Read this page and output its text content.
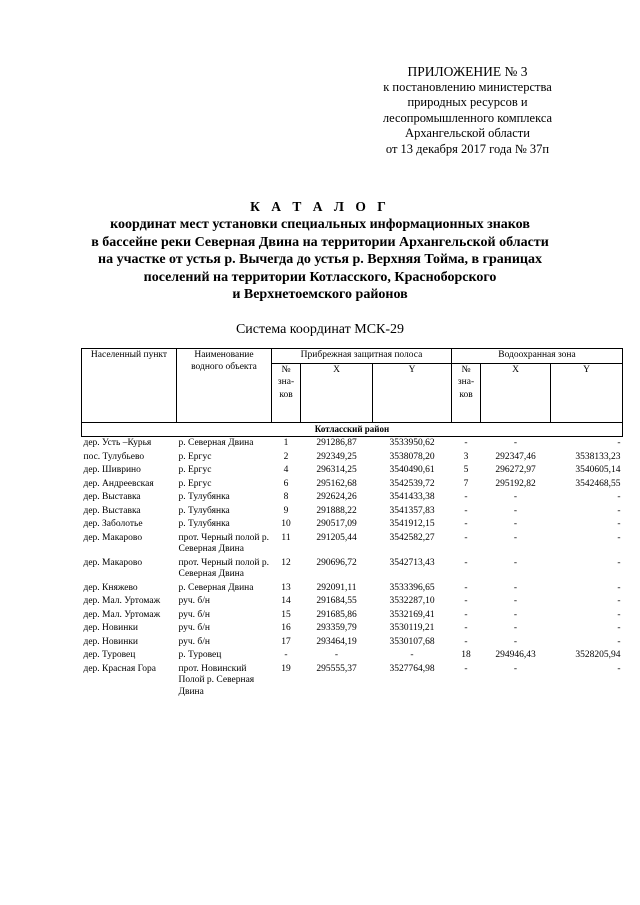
ПРИЛОЖЕНИЕ № 3
к постановлению министерства
природных ресурсов и
лесопромышленного комплекса
Архангельской области
от 13 декабря 2017 года № 37п
К А Т А Л О Г
координат мест установки специальных информационных знаков
в бассейне реки Северная Двина на территории Архангельской области
на участке от устья р. Вычегда до устья р. Верхняя Тойма, в границах
поселений на территории Котласского, Красноборского
и Верхнетоемского районов
Система координат МСК-29
Населенный пункт	Наименование водного объекта	Прибрежная защитная полоса			Водоохранная зона		

		№
зна-
ков	X	Y	№
зна-
ков	X	Y
Котласский район							
дер. Усть –Курья	р. Северная Двина	1	291286,87	3533950,62	-	-	-
пос. Тулубьево	р. Ергус	2	292349,25	3538078,20	3	292347,46	3538133,23
дер. Шиврино	р. Ергус	4	296314,25	3540490,61	5	296272,97	3540605,14
дер. Андреевская	р. Ергус	6	295162,68	3542539,72	7	295192,82	3542468,55
дер. Выставка	р. Тулубянка	8	292624,26	3541433,38	-	-	-
дер. Выставка	р. Тулубянка	9	291888,22	3541357,83	-	-	-
дер. Заболотье	р. Тулубянка	10	290517,09	3541912,15	-	-	-
дер. Макарово	прот. Черный полой р. Северная Двина	11	291205,44	3542582,27	-	-	-
дер. Макарово	прот. Черный полой р. Северная Двина	12	290696,72	3542713,43	-	-	-
дер. Княжево	р. Северная Двина	13	292091,11	3533396,65	-	-	-
дер. Мал. Уртомаж	руч. б/н	14	291684,55	3532287,10	-	-	-
дер. Мал. Уртомаж	руч. б/н	15	291685,86	3532169,41	-	-	-
дер. Новинки	руч. б/н	16	293359,79	3530119,21	-	-	-
дер. Новинки	руч. б/н	17	293464,19	3530107,68	-	-	-
дер. Туровец	р. Туровец	-	-	-	18	294946,43	3528205,94
дер. Красная Гора	прот. Новинский Полой р. Северная Двина	19	295555,37	3527764,98	-	-	-
